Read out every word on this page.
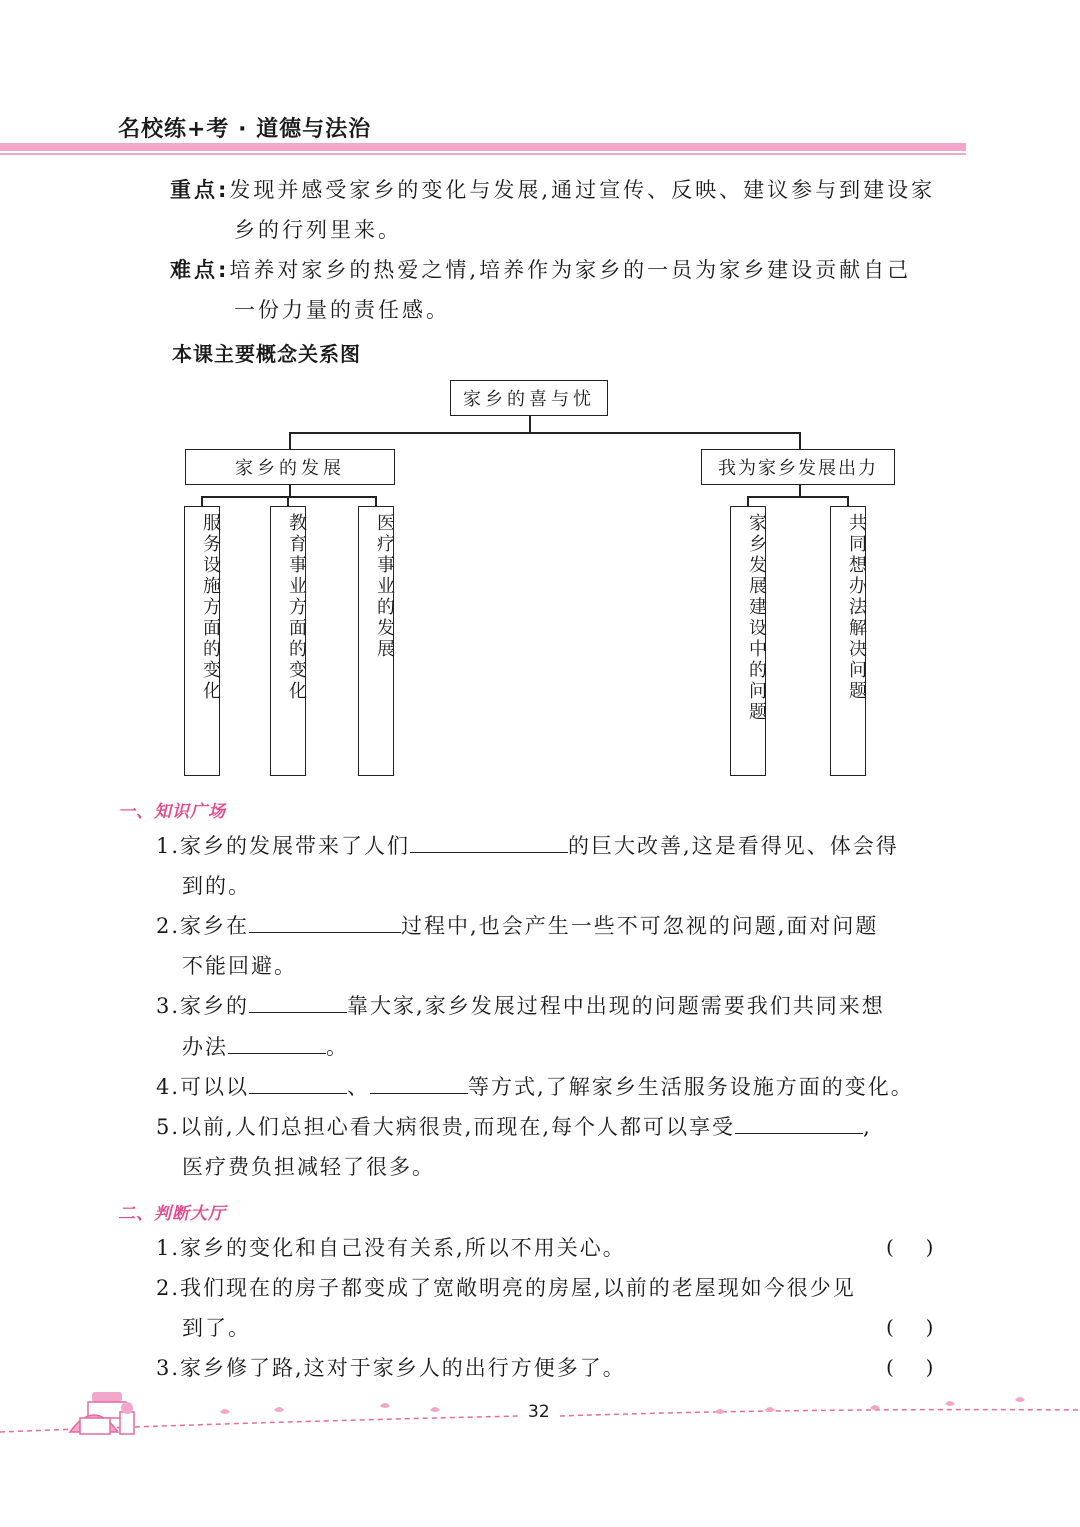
名校练+考 · 道德与法治
重点:发现并感受家乡的变化与发展,通过宣传、反映、建议参与到建设家
乡的行列里来。
难点:培养对家乡的热爱之情,培养作为家乡的一员为家乡建设贡献自己
一份力量的责任感。
本课主要概念关系图
家乡的喜与忧
家乡的发展	我为家乡发展出力
服务设施方面的变化	教育事业方面的变化	医疗事业的发展	家乡发展建设中的问题	共同想办法解决问题
一、知识广场
1.家乡的发展带来了人们	的巨大改善,这是看得见、体会得
到的。
2.家乡在	过程中,也会产生一些不可忽视的问题,面对问题
不能回避。
3.家乡的	靠大家,家乡发展过程中出现的问题需要我们共同来想
办法	。
4.可以以	、	等方式,了解家乡生活服务设施方面的变化。
5.以前,人们总担心看大病很贵,而现在,每个人都可以享受	,
医疗费负担减轻了很多。
二、判断大厅
1.家乡的变化和自己没有关系,所以不用关心。	(     )
2.我们现在的房子都变成了宽敞明亮的房屋,以前的老屋现如今很少见
到了。	(     )
3.家乡修了路,这对于家乡人的出行方便多了。	(     )
32
